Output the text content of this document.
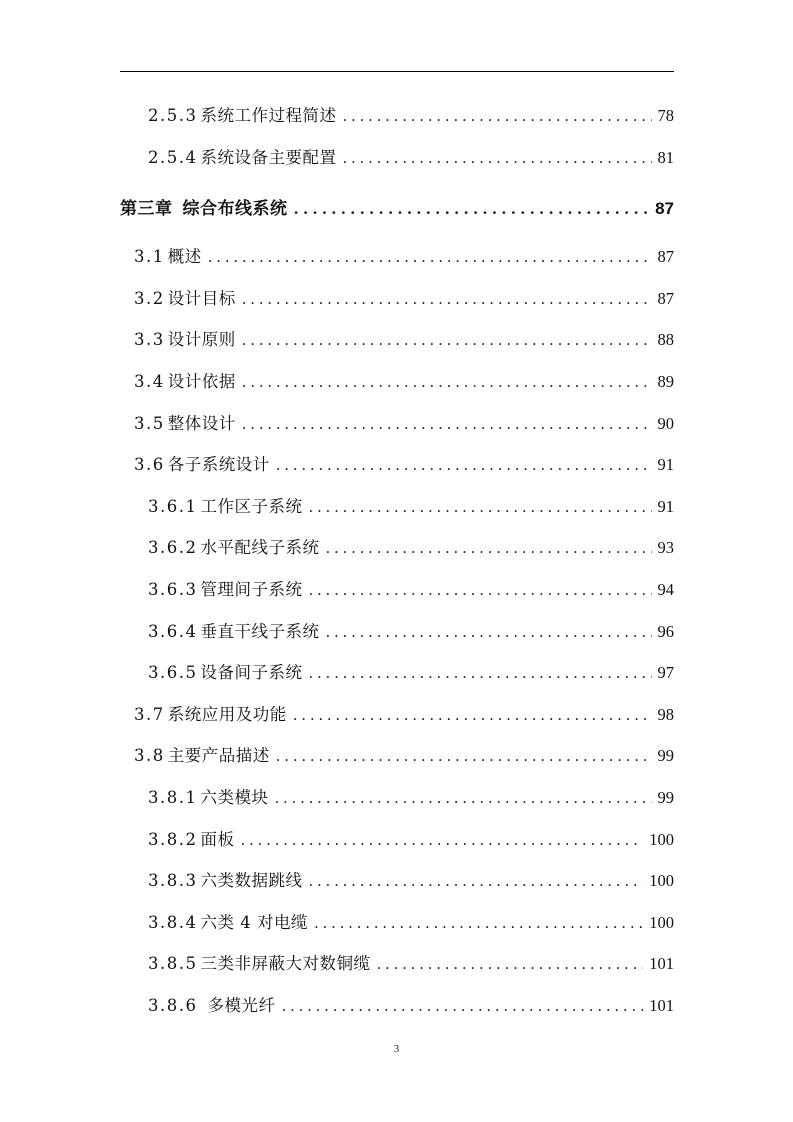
2.5.3 系统工作过程简述 . . .	78
2.5.4 系统设备主要配置 . . .	81
第三章 综合布线系统 . . .	87
3.1 概述 . . .	87
3.2 设计目标 . . .	87
3.3 设计原则 . . .	88
3.4 设计依据 . . .	89
3.5 整体设计 . . .	90
3.6 各子系统设计 . . .	91
3.6.1 工作区子系统 . . .	91
3.6.2 水平配线子系统 . . .	93
3.6.3 管理间子系统 . . .	94
3.6.4 垂直干线子系统 . . .	96
3.6.5 设备间子系统 . . .	97
3.7 系统应用及功能 . . .	98
3.8 主要产品描述 . . .	99
3.8.1 六类模块 . . .	99
3.8.2 面板 . . .	100
3.8.3 六类数据跳线 . . .	100
3.8.4 六类 4 对电缆 . . .	100
3.8.5 三类非屏蔽大对数铜缆 . . .	101
3.8.6 多模光纤 . . .	101
3
